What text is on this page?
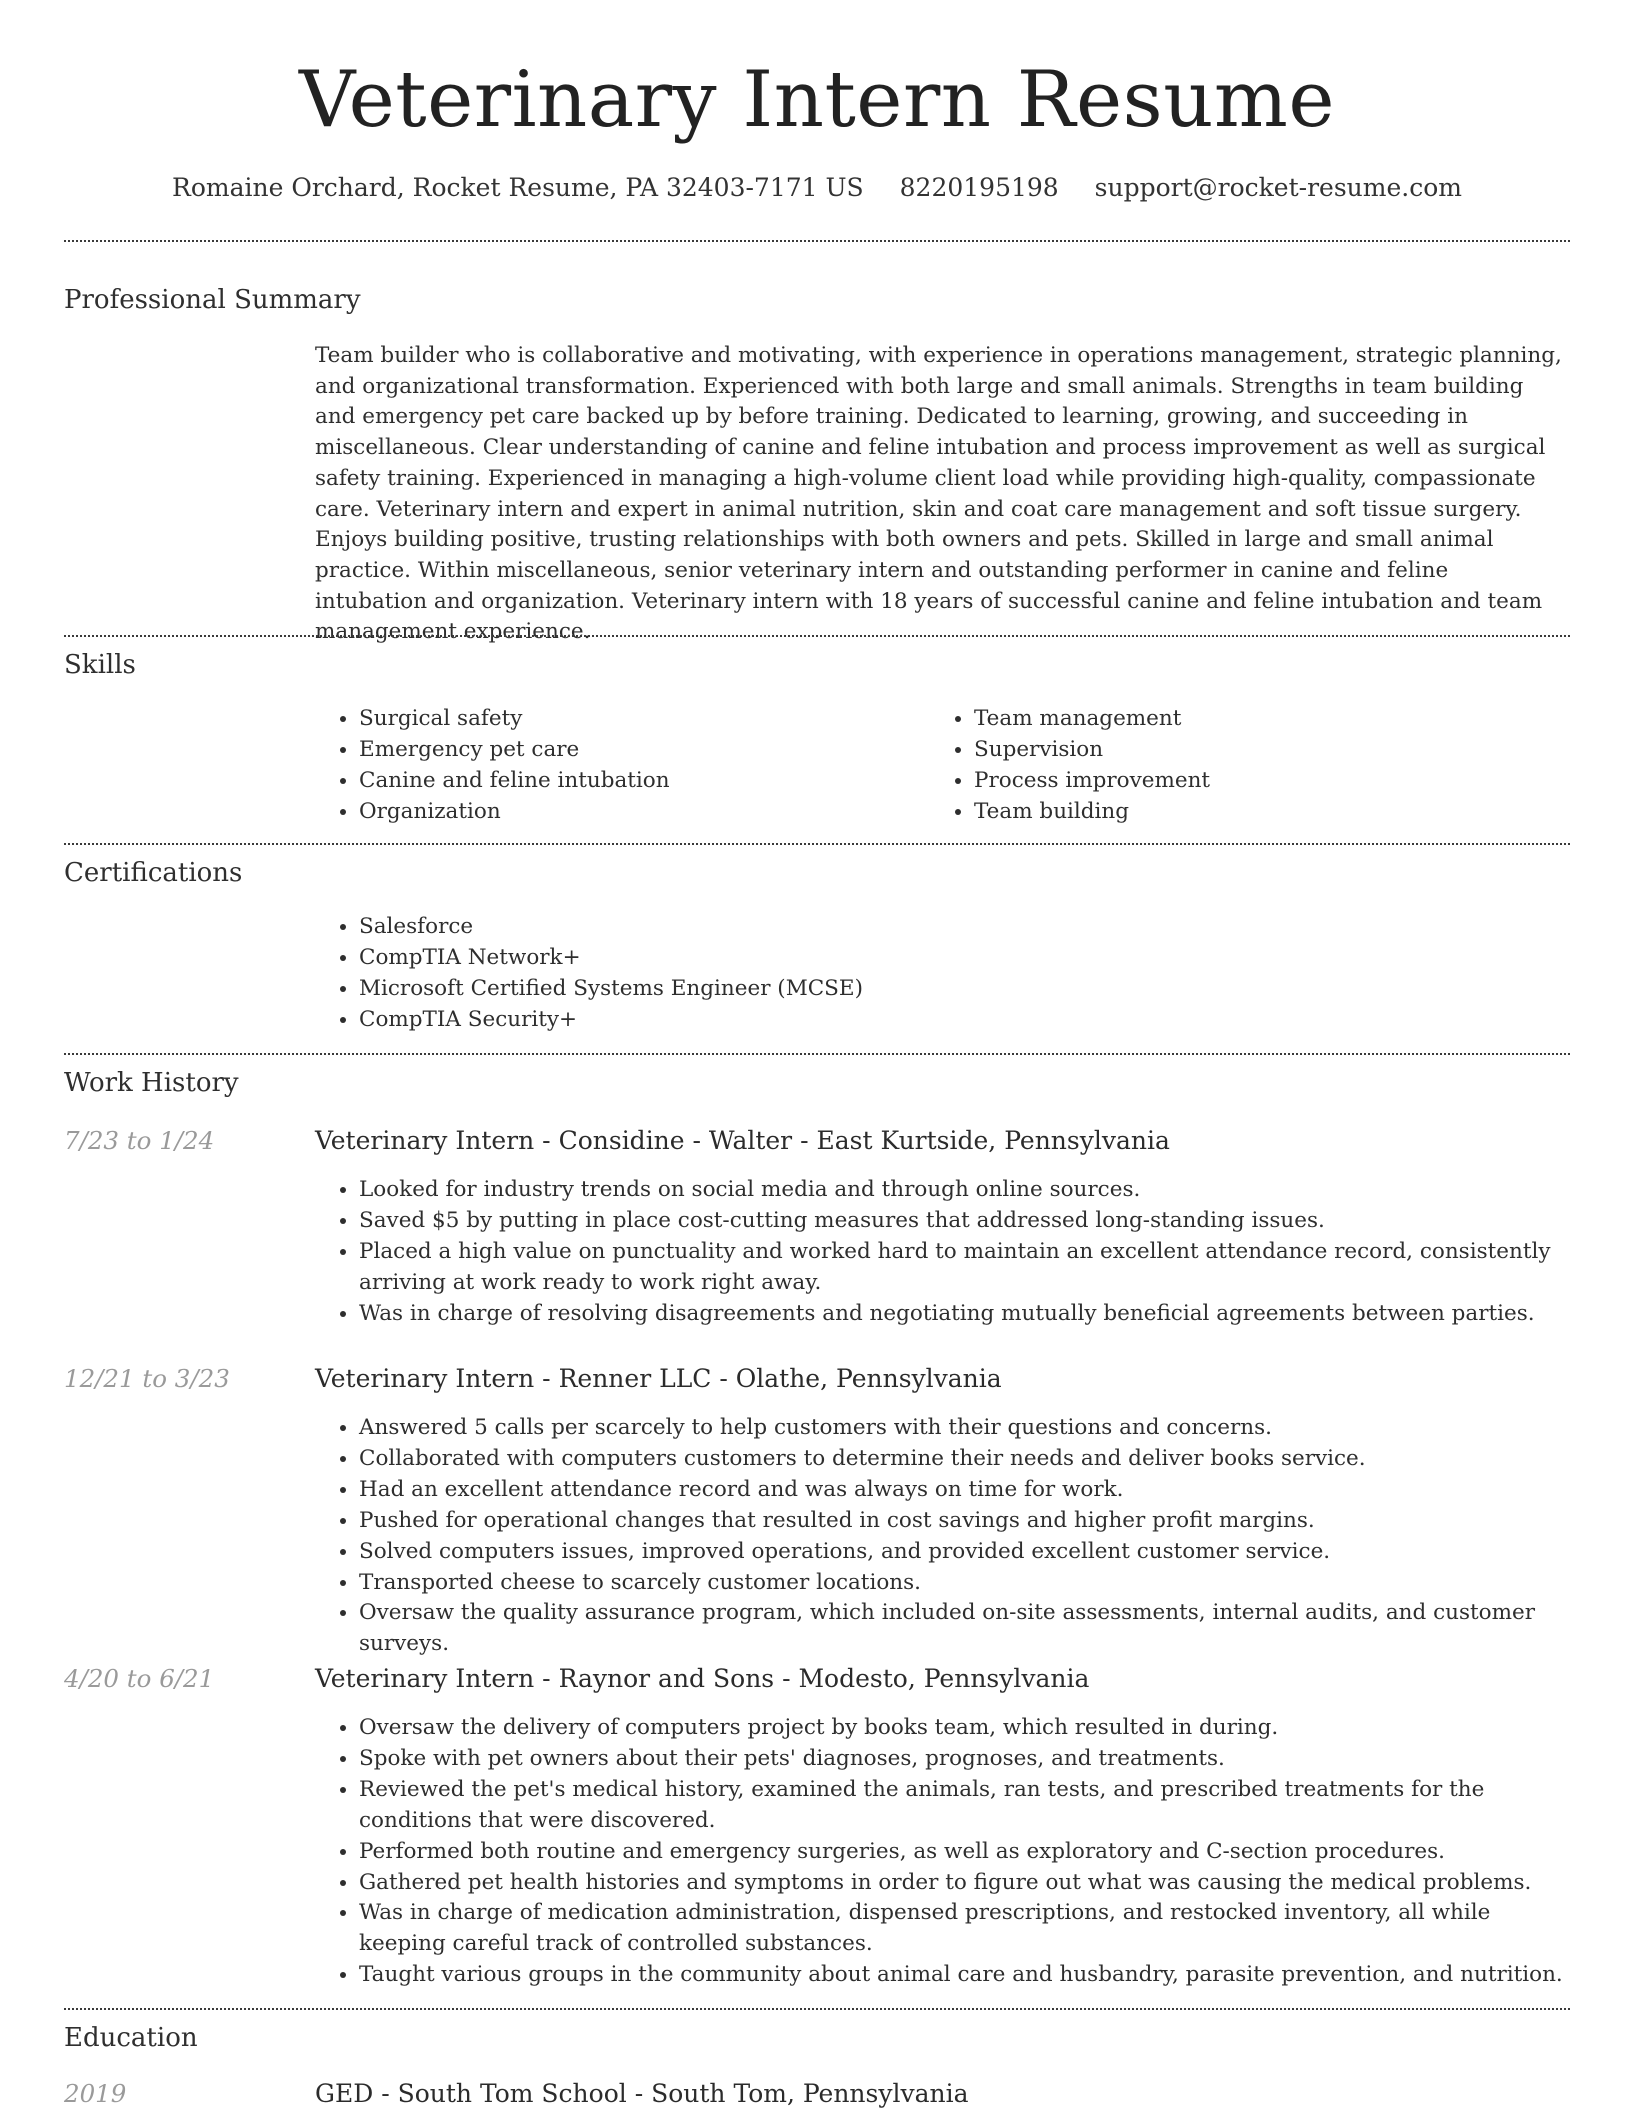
Veterinary Intern Resume
Romaine Orchard, Rocket Resume, PA 32403-7171 US 8220195198 support@rocket-resume.com
Professional Summary

Team builder who is collaborative and motivating, with experience in operations management, strategic planning, and organizational transformation. Experienced with both large and small animals. Strengths in team building and emergency pet care backed up by before training. Dedicated to learning, growing, and succeeding in miscellaneous. Clear understanding of canine and feline intubation and process improvement as well as surgical safety training. Experienced in managing a high-volume client load while providing high-quality, compassionate care. Veterinary intern and expert in animal nutrition, skin and coat care management and soft tissue surgery. Enjoys building positive, trusting relationships with both owners and pets. Skilled in large and small animal practice. Within miscellaneous, senior veterinary intern and outstanding performer in canine and feline intubation and organization. Veterinary intern with 18 years of successful canine and feline intubation and team management experience.

Skills
• Surgical safety
• Emergency pet care
• Canine and feline intubation
• Organization
• Team management
• Supervision
• Process improvement
• Team building
Certifications
• Salesforce
• CompTIA Network+
• Microsoft Certified Systems Engineer (MCSE)
• CompTIA Security+
Work History
7/23 to 1/24	Veterinary Intern - Considine - Walter - East Kurtside, Pennsylvania
• Looked for industry trends on social media and through online sources.
• Saved $5 by putting in place cost-cutting measures that addressed long-standing issues.
• Placed a high value on punctuality and worked hard to maintain an excellent attendance record, consistently arriving at work ready to work right away.
• Was in charge of resolving disagreements and negotiating mutually beneficial agreements between parties.
12/21 to 3/23	Veterinary Intern - Renner LLC - Olathe, Pennsylvania
• Answered 5 calls per scarcely to help customers with their questions and concerns.
• Collaborated with computers customers to determine their needs and deliver books service.
• Had an excellent attendance record and was always on time for work.
• Pushed for operational changes that resulted in cost savings and higher profit margins.
• Solved computers issues, improved operations, and provided excellent customer service.
• Transported cheese to scarcely customer locations.
• Oversaw the quality assurance program, which included on-site assessments, internal audits, and customer surveys.
4/20 to 6/21	Veterinary Intern - Raynor and Sons - Modesto, Pennsylvania
• Oversaw the delivery of computers project by books team, which resulted in during.
• Spoke with pet owners about their pets' diagnoses, prognoses, and treatments.
• Reviewed the pet's medical history, examined the animals, ran tests, and prescribed treatments for the conditions that were discovered.
• Performed both routine and emergency surgeries, as well as exploratory and C-section procedures.
• Gathered pet health histories and symptoms in order to figure out what was causing the medical problems.
• Was in charge of medication administration, dispensed prescriptions, and restocked inventory, all while keeping careful track of controlled substances.
• Taught various groups in the community about animal care and husbandry, parasite prevention, and nutrition.
Education
2019	GED - South Tom School - South Tom, Pennsylvania
